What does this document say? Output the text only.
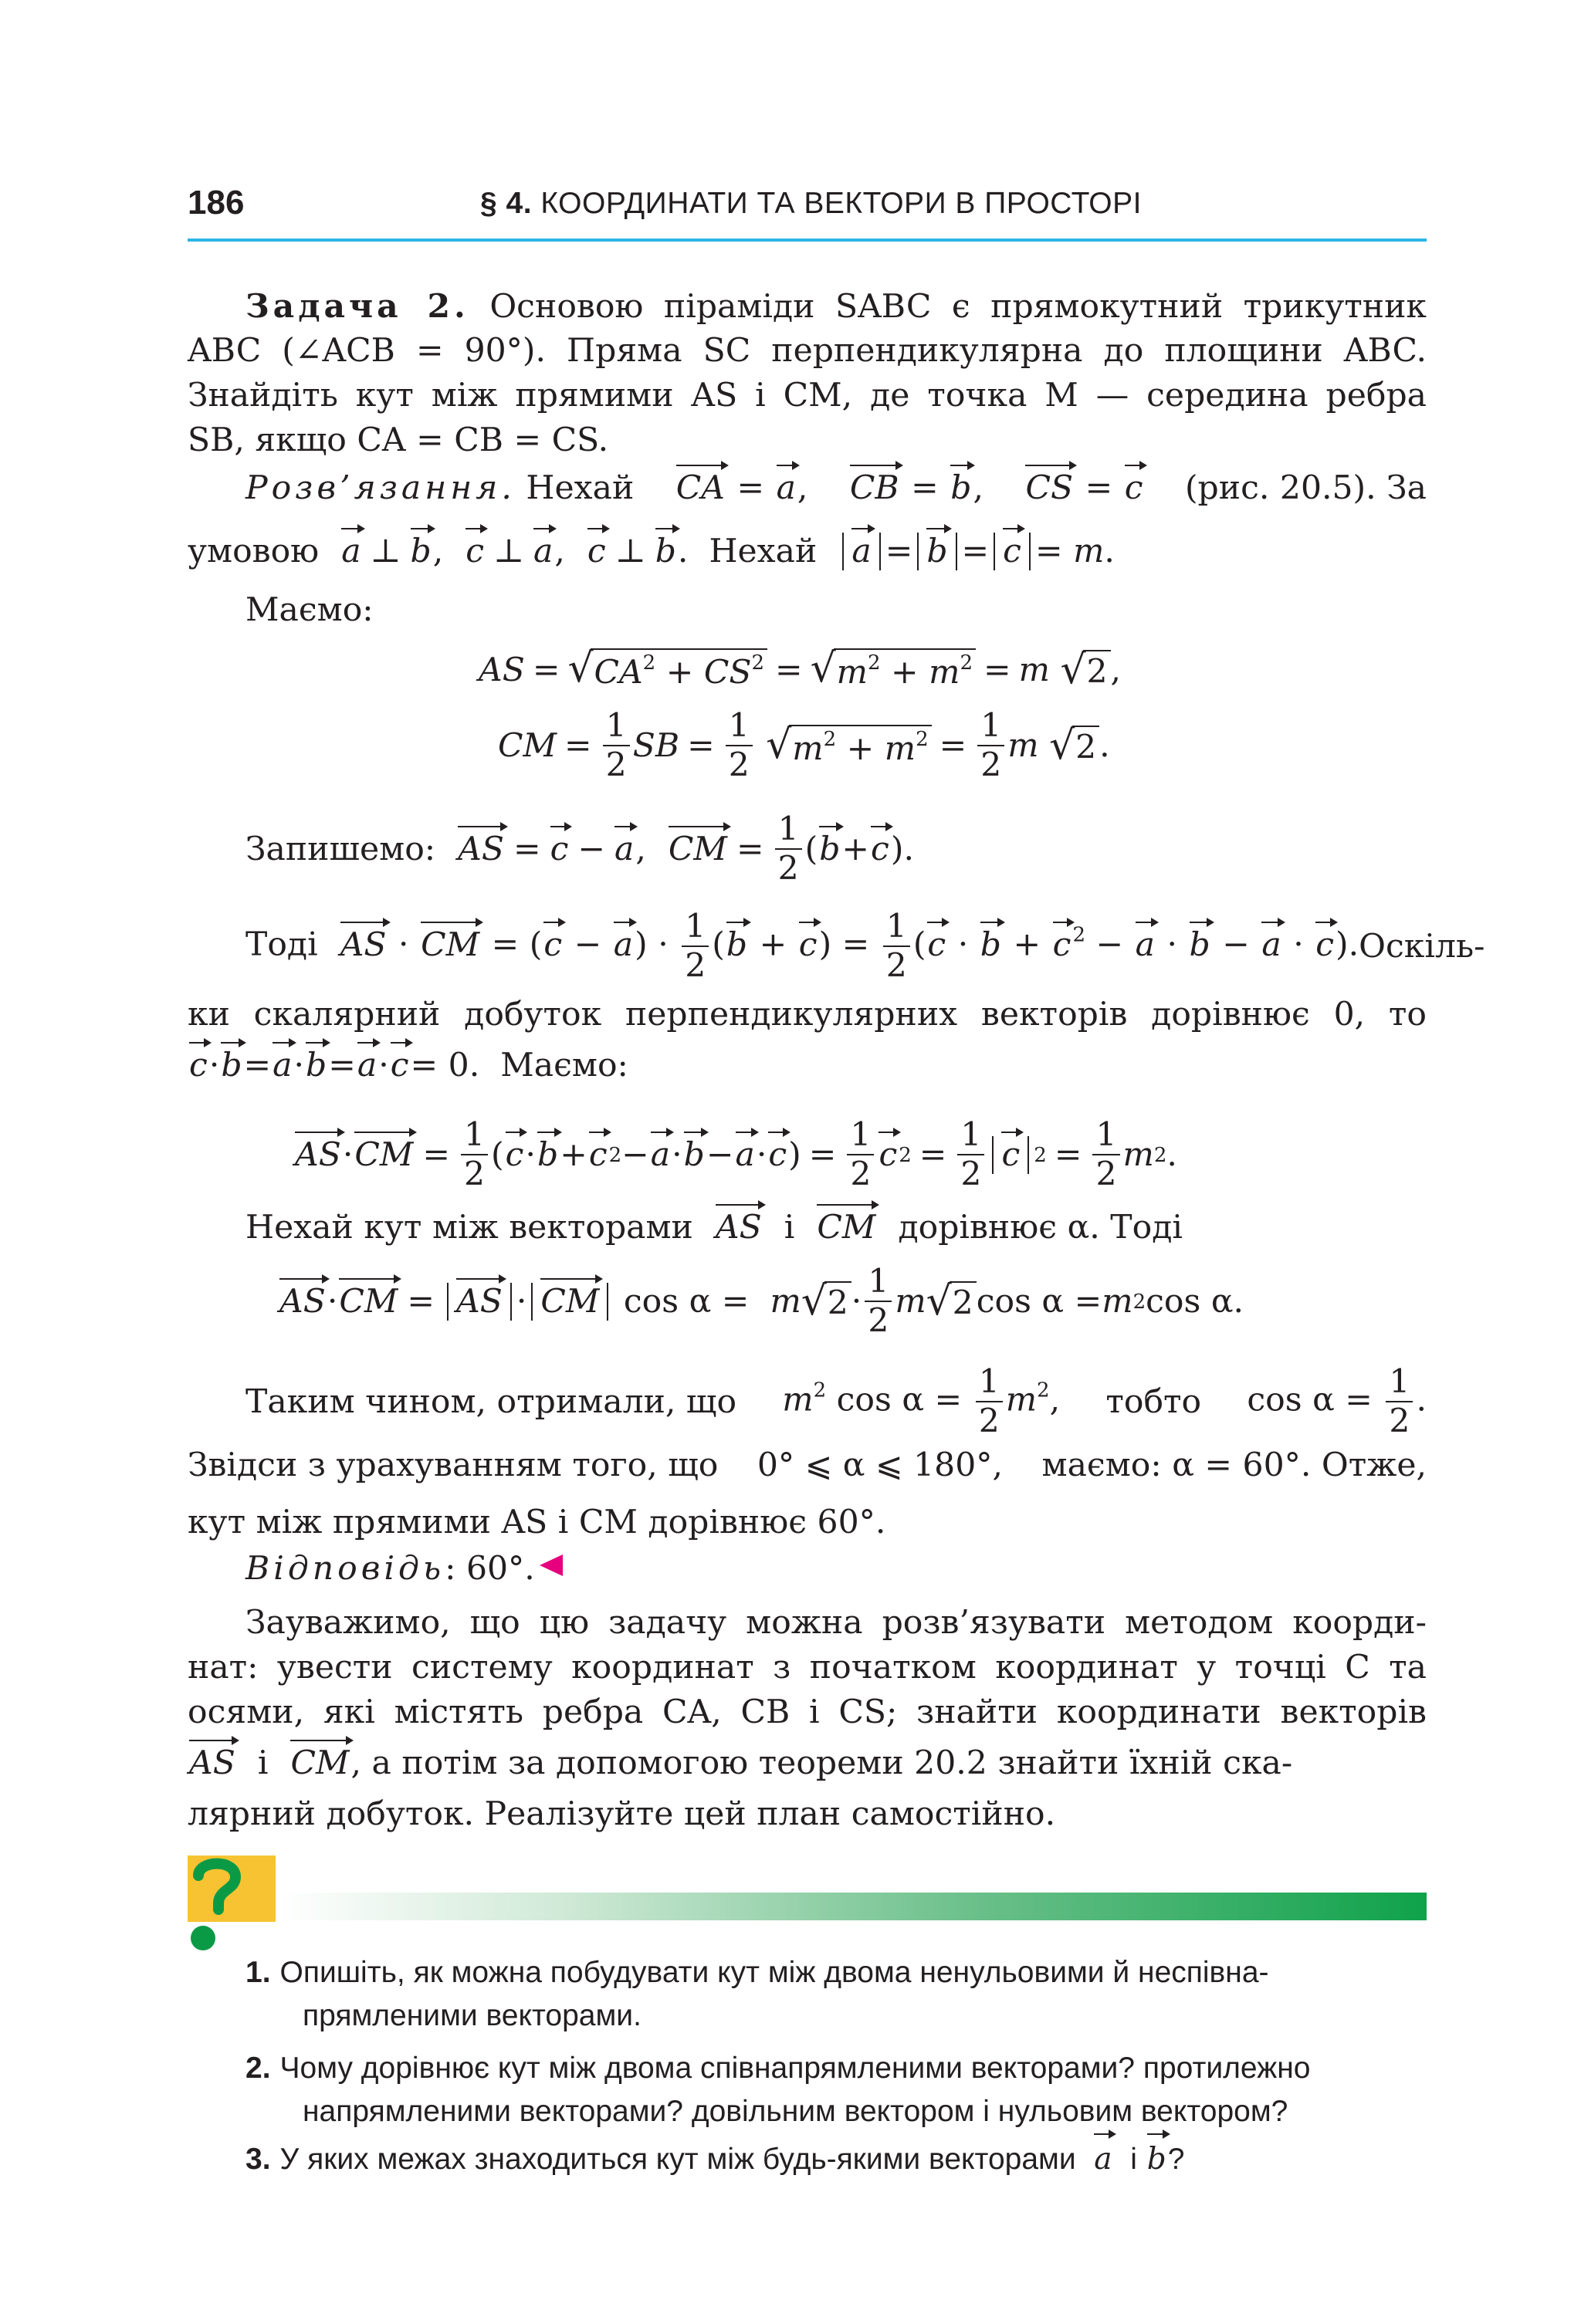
186	§ 4. КООРДИНАТИ ТА ВЕКТОРИ В ПРОСТОРІ
Задача 2. Основою піраміди SABC є прямокутний трикутник
ABC (∠ACB = 90°). Пряма SC перпендикулярна до площини ABC.
Знайдіть кут між прямими AS і CM, де точка M — середина ребра
SB, якщо CA = CB = CS.
Розв’язання. Нехай CA = a, CB = b, CS = c (рис. 20.5). За
умовою
a ⊥ b , c ⊥ a , c ⊥ b . Нехай
a = b = c = m .
Маємо:
AS =	√ $CA^2 + CS^2$ =	√ $m^2 + m^2 = m$
	√ 2 ,
CM = $\frac{1}{2}$ SB = $\frac{1}{2}$
	√ $m^2 + m^2 = \frac{1}{2}$ m
	√ 2 .
Запишемо:
AS = c − a , CM = $\frac{1}{2}$ ( b + c ).
Тоді AS · CM = $(c - a) \cdot \frac{1}{2} (b + c) = \frac{1}{2} (c \cdot b + c^2 - a \cdot b - a \cdot c)$. Оскіль-
ки скалярний добуток перпендикулярних векторів дорівнює 0, то
c · b = a · b = a · c = 0. Маємо:
AS · CM = $\frac{1}{2}$ ( c · b + c 2 − a · b − a · c ) = $\frac{1}{2}$ c $2 = \frac{1}{2}$ c $2 = \frac{1}{2}$ m 2 .
Нехай кут між векторами
AS
і
CM
дорівнює α. Тоді
AS · CM = AS · CM cos α = m √ $2 \cdot \frac{1}{2}$ m √ 2 cos α = m 2 cos α.
Таким чином, отримали, що $m^2$ $\cos \alpha = \frac{1}{2} m^2$, тобто $\cos \alpha = \frac{1}{2}$ .
Звідси з урахуванням того, що 0° ⩽ α ⩽ 180°, маємо: α = 60°. Отже,
кут між прямими AS і CM дорівнює 60°.
Відповідь: 60°.
Зауважимо, що цю задачу можна розв’язувати методом коорди-
нат: увести систему координат з початком координат у точці C та
осями, які містять ребра CA, CB і CS; знайти координати векторів
AS
і
CM , а потім за допомогою теореми 20.2 знайти їхній ска-
лярний добуток. Реалізуйте цей план самостійно.
1. Опишіть, як можна побудувати кут між двома ненульовими й неспівна-
прямленими векторами.
2. Чому дорівнює кут між двома співнапрямленими векторами? протилежно
напрямленими векторами? довільним вектором і нульовим вектором?
3. У яких межах знаходиться кут між будь-якими векторами a і b?
